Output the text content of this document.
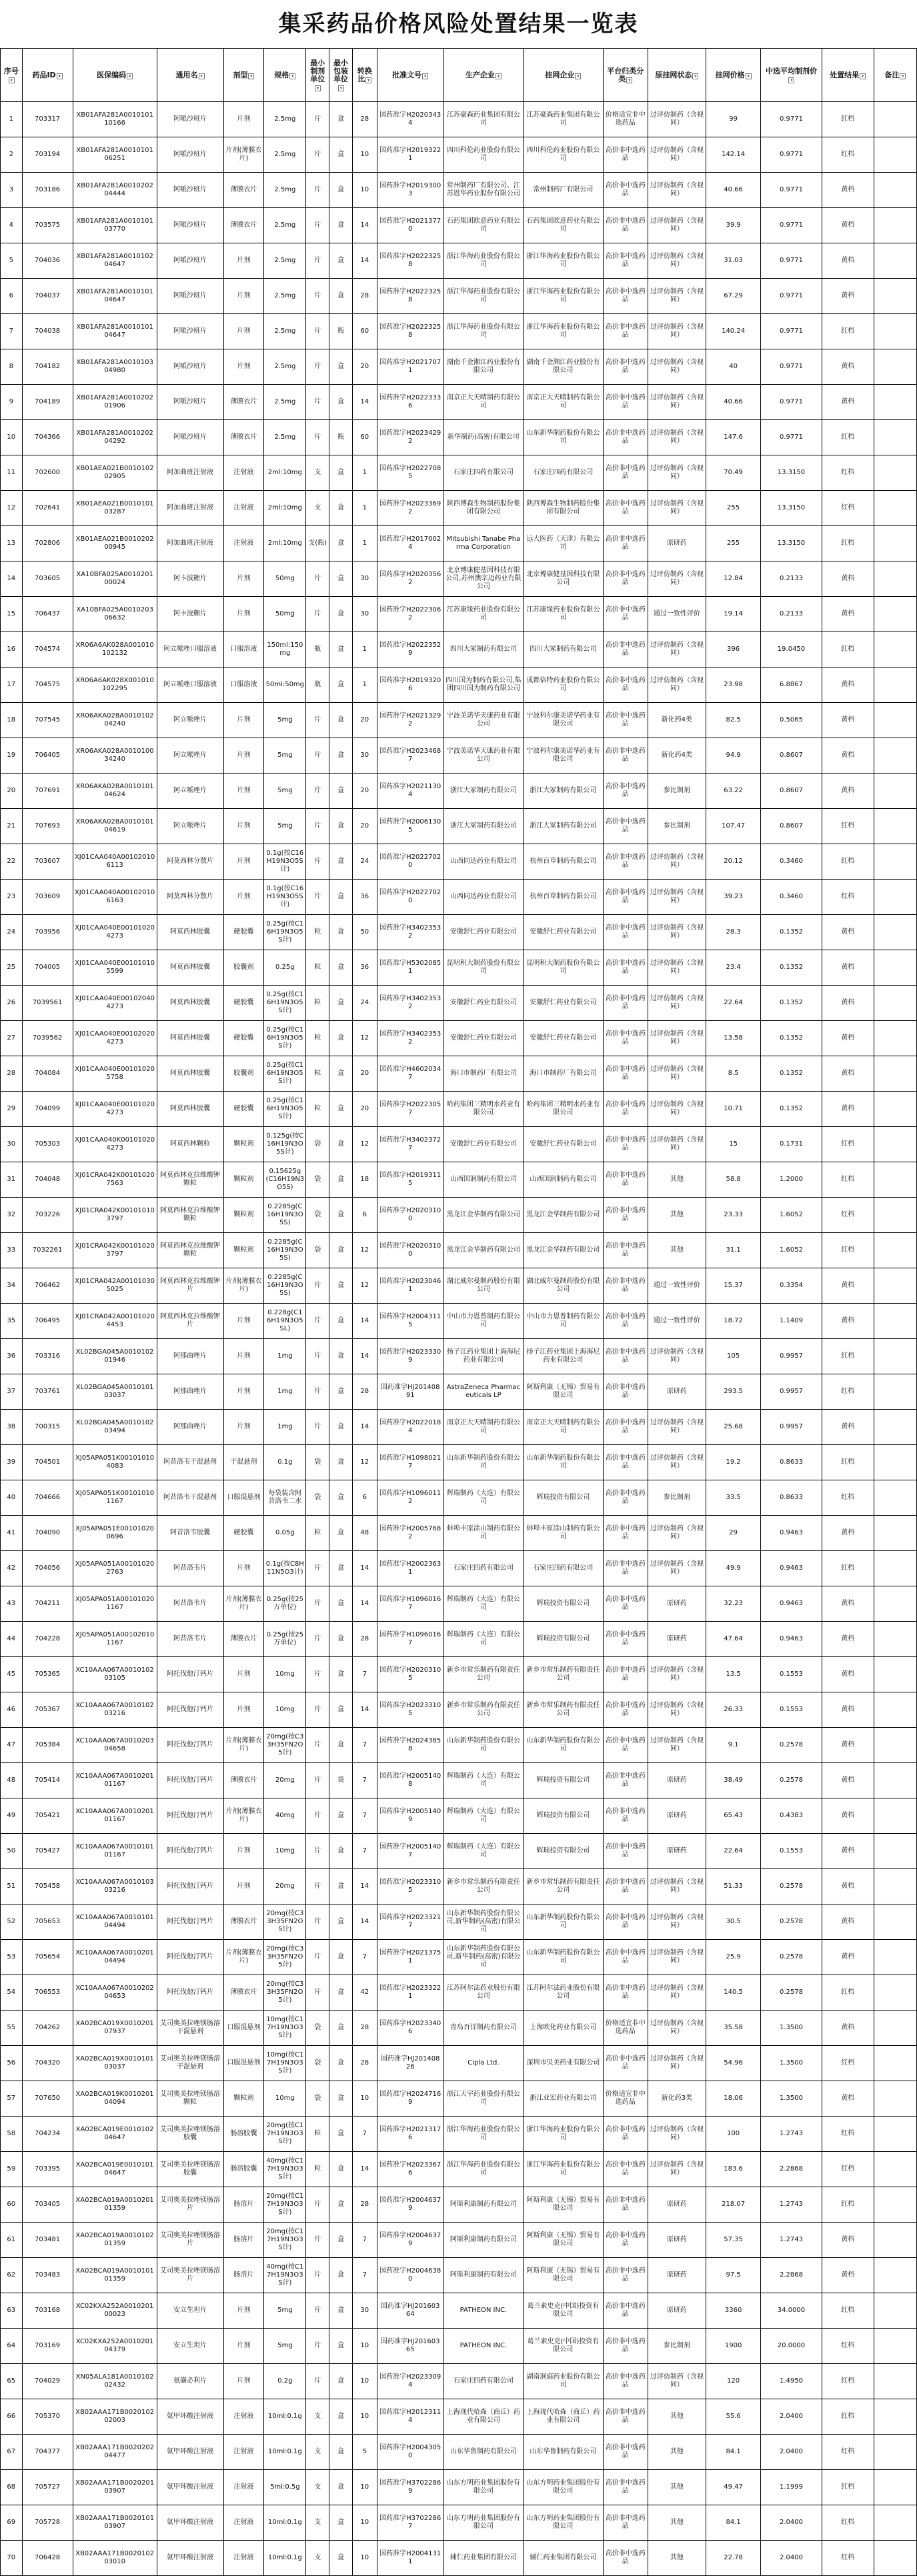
集采药品价格风险处置结果一览表
序号▾	药品ID ▾	医保编码 ▾	通用名 ▾	剂型 ▾	规格 ▾	最小制剂单位▾	最小包装单位▾	转换比 ▾	批准文号 ▾	生产企业 ▾	挂网企业 ▾	平台归类分类 ▾	原挂网状态 ▾	挂网价格 ▾	中选平均制剂价▾	处置结果 ▾	备注 ▾
1	703317	XB01AFA281A001010110166	阿哌沙班片	片剂	2.5mg	片	盒	28	国药准字H20203434	江苏豪森药业集团有限公司	江苏豪森药业集团有限公司	价格适宜非中选药品	过评仿制药（含视同）	99	0.9771	红档	
2	703194	XB01AFA281A001010106251	阿哌沙班片	片剂(薄膜衣片)	2.5mg	片	盒	10	国药准字H20193221	四川科伦药业股份有限公司	四川科伦药业股份有限公司	高价非中选药品	过评仿制药（含视同）	142.14	0.9771	红档	
3	703186	XB01AFA281A001020204444	阿哌沙班片	薄膜衣片	2.5mg	片	盒	10	国药准字H20193003	常州制药厂有限公司、江苏恩华药业股份有限公司	常州制药厂有限公司	高价非中选药品	过评仿制药（含视同）	40.66	0.9771	黄档	
4	703575	XB01AFA281A001010103770	阿哌沙班片	薄膜衣片	2.5mg	片	盒	14	国药准字H20213770	石药集团欧意药业有限公司	石药集团欧意药业有限公司	高价非中选药品	过评仿制药（含视同）	39.9	0.9771	黄档	
5	704036	XB01AFA281A001010204647	阿哌沙班片	片剂	2.5mg	片	盒	14	国药准字H20223258	浙江华海药业股份有限公司	浙江华海药业股份有限公司	高价非中选药品	过评仿制药（含视同）	31.03	0.9771	黄档	
6	704037	XB01AFA281A001010104647	阿哌沙班片	片剂	2.5mg	片	盒	28	国药准字H20223258	浙江华海药业股份有限公司	浙江华海药业股份有限公司	高价非中选药品	过评仿制药（含视同）	67.29	0.9771	黄档	
7	704038	XB01AFA281A001010104647	阿哌沙班片	片剂	2.5mg	片	瓶	60	国药准字H20223258	浙江华海药业股份有限公司	浙江华海药业股份有限公司	高价非中选药品	过评仿制药（含视同）	140.24	0.9771	红档	
8	704182	XB01AFA281A001010304980	阿哌沙班片	片剂	2.5mg	片	盒	20	国药准字H20217071	湖南千金湘江药业股份有限公司	湖南千金湘江药业股份有限公司	高价非中选药品	过评仿制药（含视同）	40	0.9771	黄档	
9	704189	XB01AFA281A001020201906	阿哌沙班片	薄膜衣片	2.5mg	片	盒	14	国药准字H20223336	南京正大天晴制药有限公司	南京正大天晴制药有限公司	高价非中选药品	过评仿制药（含视同）	40.66	0.9771	黄档	
10	704366	XB01AFA281A001020204292	阿哌沙班片	薄膜衣片	2.5mg	片	瓶	60	国药准字H20234292	新华制药(高密)有限公司	山东新华制药股份有限公司	高价非中选药品	过评仿制药（含视同）	147.6	0.9771	红档	
11	702600	XB01AEA021B001010202905	阿加曲班注射液	注射液	2ml:10mg	支	盒	1	国药准字H20227085	石家庄四药有限公司	石家庄四药有限公司	高价非中选药品	过评仿制药（含视同）	70.49	13.3150	红档	
12	702641	XB01AEA021B001010103287	阿加曲班注射液	注射液	2ml:10mg	支	盒	1	国药准字H20233692	陕西博森生物制药股份集团有限公司	陕西博森生物制药股份集团有限公司	高价非中选药品	过评仿制药（含视同）	255	13.3150	红档	
13	702806	XB01AEA021B001020200945	阿加曲班注射液	注射液	2ml:10mg	支(瓶)	盒	1	国药准字H20170024	Mitsubishi Tanabe Pharma Corporation	远大医药（天津）有限公司	高价非中选药品	原研药	255	13.3150	红档	
14	703605	XA10BFA025A001020100024	阿卡波糖片	片剂	50mg	片	盒	30	国药准字H20203562	北京博康健基因科技有限公司,苏州澳宗迈药业有限公司	北京博康健基因科技有限公司	高价非中选药品	过评仿制药（含视同）	12.84	0.2133	黄档	
15	706437	XA10BFA025A001020306632	阿卡波糖片	片剂	50mg	片	盒	30	国药准字H20223062	江苏康缘药业股份有限公司	江苏康缘药业股份有限公司	高价非中选药品	通过一致性评价	19.14	0.2133	黄档	
16	704574	XR06A6AK028A001010102132	阿立哌唑口服溶液	口服溶液	150ml:150mg	瓶	盒	1	国药准字H20223529	四川大冢制药有限公司	四川大冢制药有限公司	高价非中选药品	过评仿制药（含视同）	396	19.0450	红档	
17	704575	XR06A6AK028X001010102295	阿立哌唑口服溶液	口服溶液	50ml:50mg	瓶	盒	1	国药准字H20193206	四川国为制药有限公司,集团四川国为制药有限公司	成都倍特药业股份有限公司	高价非中选药品	过评仿制药（含视同）	23.98	6.8867	黄档	
18	707545	XR06AKA028A001010204240	阿立哌唑片	片剂	5mg	片	盒	20	国药准字H20213292	宁波美诺华天康药业有限公司	宁波科尔康美诺华药业有限公司	高价非中选药品	新化药4类	82.5	0.5065	黄档	
19	706405	XR06AKA028A001010034240	阿立哌唑片	片剂	5mg	片	盒	30	国药准字H20234687	宁波美诺华天康药业有限公司	宁波科尔康美诺华药业有限公司	高价非中选药品	新化药4类	94.9	0.8607	黄档	
20	707691	XR06AKA028A001010104624	阿立哌唑片	片剂	5mg	片	盒	20	国药准字H20211304	浙江大冢制药有限公司	浙江大冢制药有限公司	高价非中选药品	参比制剂	63.22	0.8607	黄档	
21	707693	XR06AKA028A001010104619	阿立哌唑片	片剂	5mg	片	盒	20	国药准字H20061305	浙江大冢制药有限公司	浙江大冢制药有限公司	高价非中选药品	参比制剂	107.47	0.8607	红档	
22	703607	XJ01CAA040A001020106113	阿莫西林分散片	片剂	0.1g(按C16H19N3O5S计)	片	盒	24	国药准字H20227020	山西同达药业有限公司	杭州百草制药有限公司	高价非中选药品	过评仿制药（含视同）	20.12	0.3460	红档	
23	703609	XJ01CAA040A001020106163	阿莫西林分散片	片剂	0.1g(按C16H19N3O5S计)	片	盒	36	国药准字H20227020	山西同达药业有限公司	杭州百草制药有限公司	高价非中选药品	过评仿制药（含视同）	39.23	0.3460	红档	
24	703956	XJ01CAA040E001010204273	阿莫西林胶囊	硬胶囊	0.25g(按C16H19N3O5S计)	粒	盒	50	国药准字H34023532	安徽舒仁药业有限公司	安徽舒仁药业有限公司	高价非中选药品	过评仿制药（含视同）	28.3	0.1352	黄档	
25	704005	XJ01CAA040E001010105599	阿莫西林胶囊	胶囊剂	0.25g	粒	盒	36	国药准字H53020851	昆明积大制药股份有限公司	昆明积大制药股份有限公司	高价非中选药品	过评仿制药（含视同）	23.4	0.1352	黄档	
26	7039561	XJ01CAA040E001020404273	阿莫西林胶囊	硬胶囊	0.25g(按C16H19N3O5S计)	粒	盒	24	国药准字H34023532	安徽舒仁药业有限公司	安徽舒仁药业有限公司	高价非中选药品	过评仿制药（含视同）	22.64	0.1352	黄档	
27	7039562	XJ01CAA040E001020204273	阿莫西林胶囊	硬胶囊	0.25g(按C16H19N3O5S计)	粒	盒	12	国药准字H34023532	安徽舒仁药业有限公司	安徽舒仁药业有限公司	高价非中选药品	过评仿制药（含视同）	13.58	0.1352	黄档	
28	704084	XJ01CAA040E001010205758	阿莫西林胶囊	胶囊剂	0.25g(按C16H19N3O5S计)	粒	盒	20	国药准字H46020347	海口市制药厂有限公司	海口市制药厂有限公司	高价非中选药品	过评仿制药（含视同）	8.5	0.1352	黄档	
29	704099	XJ01CAA040E001010204273	阿莫西林胶囊	硬胶囊	0.25g(按C16H19N3O5S计)	粒	盒	20	国药准字H20223057	哈药集团三精明水药业有限公司	哈药集团三精明水药业有限公司	高价非中选药品	过评仿制药（含视同）	10.71	0.1352	黄档	
30	705303	XJ01CAA040K001010204273	阿莫西林颗粒	颗粒剂	0.125g(按C16H19N3O5S计)	袋	盒	12	国药准字H34023727	安徽舒仁药业有限公司	安徽舒仁药业有限公司	高价非中选药品	过评仿制药（含视同）	15	0.1731	红档	
31	704048	XJ01CRA042K001010207563	阿莫西林克拉维酸钾颗粒	颗粒剂	0.15625g(C16H19N3O5S)	袋	盒	18	国药准字H20193115	山西国润制药有限公司	山西国润制药有限公司	高价非中选药品	其他	58.8	1.2000	红档	
32	703226	XJ01CRA042K001010103797	阿莫西林克拉维酸钾颗粒	颗粒剂	0.2285g(C16H19N3O5S)	袋	盒	6	国药准字H20203100	黑龙江金华制药有限公司	黑龙江金华制药有限公司	高价非中选药品	其他	23.33	1.6052	红档	
33	7032261	XJ01CRA042K001010203797	阿莫西林克拉维酸钾颗粒	颗粒剂	0.2285g(C16H19N3O5S)	袋	盒	12	国药准字H20203100	黑龙江金华制药有限公司	黑龙江金华制药有限公司	高价非中选药品	其他	31.1	1.6052	红档	
34	706462	XJ01CRA042A001010305025	阿莫西林克拉维酸钾片	片剂(薄膜衣片)	0.2285g(C16H19N3O5S)	片	盒	12	国药准字H20230461	湖北威尔曼制药股份有限公司	湖北威尔曼制药股份有限公司	高价非中选药品	通过一致性评价	15.37	0.3354	黄档	
35	706495	XJ01CRA042A001010204453	阿莫西林克拉维酸钾片	片剂	0.228g(C16H19N3O5SL)	片	盒	14	国药准字H20043115	中山市力恩普制药有限公司	中山市力恩普制药有限公司	高价非中选药品	通过一致性评价	18.72	1.1409	黄档	
36	703316	XL02BGA045A001010201946	阿那曲唑片	片剂	1mg	片	盒	14	国药准字H20233309	扬子江药业集团上海海尼药业有限公司	扬子江药业集团上海海尼药业有限公司	高价非中选药品	过评仿制药（含视同）	105	0.9957	红档	
37	703761	XL02BGA045A001010103037	阿那曲唑片	片剂	1mg	片	盒	28	国药准字HJ20140891	AstraZeneca Pharmaceuticals LP	阿斯利康（无锡）贸易有限公司	高价非中选药品	原研药	293.5	0.9957	红档	
38	700315	XL02BGA045A001010203494	阿那曲唑片	片剂	1mg	片	盒	14	国药准字H20220184	南京正大天晴制药有限公司	南京正大天晴制药有限公司	高价非中选药品	过评仿制药（含视同）	25.68	0.9957	黄档	
39	704501	XJ05APA051K001010104083	阿昔洛韦干混悬剂	干混悬剂	0.1g	袋	盒	12	国药准字H10980217	山东新华制药股份有限公司	山东新华制药股份有限公司	高价非中选药品	过评仿制药（含视同）	19.2	0.8633	红档	
40	704666	XJ05APA051K001010101167	阿昔洛韦干混悬剂	口服混悬剂	每袋装含阿昔洛韦二水	袋	盒	6	国药准字H10960112	辉瑞制药（大连）有限公司	辉瑞投资有限公司	高价非中选药品	参比制剂	33.5	0.8633	红档	
41	704090	XJ05APA051E001010200696	阿昔洛韦胶囊	硬胶囊	0.05g	粒	盒	48	国药准字H20057682	蚌埠丰原涂山制药有限公司	蚌埠丰原涂山制药有限公司	高价非中选药品	过评仿制药（含视同）	29	0.9463	黄档	
42	704056	XJ05APA051A001010202763	阿昔洛韦片	片剂	0.1g(按C8H11N5O3计)	片	盒	14	国药准字H20023631	石家庄四药有限公司	石家庄四药有限公司	高价非中选药品	过评仿制药（含视同）	49.9	0.9463	红档	
43	704211	XJ05APA051A001010201167	阿昔洛韦片	片剂(薄膜衣片)	0.25g(按25万单位)	片	盒	14	国药准字H10960167	辉瑞制药（大连）有限公司	辉瑞投资有限公司	高价非中选药品	原研药	32.23	0.9463	黄档	
44	704228	XJ05APA051A001020101167	阿昔洛韦片	薄膜衣片	0.25g(按25万单位)	片	盒	28	国药准字H10960167	辉瑞制药（大连）有限公司	辉瑞投资有限公司	高价非中选药品	原研药	47.64	0.9463	黄档	
45	705365	XC10AAA067A001010203105	阿托伐他汀钙片	片剂	10mg	片	盒	7	国药准字H20203105	新乡市常乐制药有限责任公司	新乡市常乐制药有限责任公司	高价非中选药品	过评仿制药（含视同）	13.5	0.1553	黄档	
46	705367	XC10AAA067A001010203216	阿托伐他汀钙片	片剂	10mg	片	盒	14	国药准字H20233105	新乡市常乐制药有限责任公司	新乡市常乐制药有限责任公司	高价非中选药品	过评仿制药（含视同）	26.33	0.1553	黄档	
47	705384	XC10AAA067A001020304658	阿托伐他汀钙片	片剂(薄膜衣片)	20mg(按C33H35FN2O5计)	片	盒	7	国药准字H20243858	山东新华制药股份有限公司	山东新华制药股份有限公司	高价非中选药品	过评仿制药（含视同）	9.1	0.2578	黄档	
48	705414	XC10AAA067A001020101167	阿托伐他汀钙片	薄膜衣片	20mg	片	袋	7	国药准字H20051408	辉瑞制药（大连）有限公司	辉瑞投资有限公司	高价非中选药品	原研药	38.49	0.2578	黄档	
49	705421	XC10AAA067A001020101167	阿托伐他汀钙片	片剂(薄膜衣片)	40mg	片	盒	7	国药准字H20051409	辉瑞制药（大连）有限公司	辉瑞投资有限公司	高价非中选药品	原研药	65.43	0.4383	黄档	
50	705427	XC10AAA067A001010101167	阿托伐他汀钙片	片剂	10mg	片	盒	7	国药准字H20051407	辉瑞制药（大连）有限公司	辉瑞投资有限公司	高价非中选药品	原研药	22.64	0.1553	黄档	
51	705458	XC10AAA067A001010303216	阿托伐他汀钙片	片剂	20mg	片	盒	14	国药准字H20233105	新乡市常乐制药有限责任公司	新乡市常乐制药有限责任公司	高价非中选药品	过评仿制药（含视同）	51.33	0.2578	黄档	
52	705653	XC10AAA067A001010104494	阿托伐他汀钙片	薄膜衣片	20mg(按C33H35FN2O5计)	片	盒	14	国药准字H20233217	山东新华制药股份有限公司,新华制药(高密)有限公司	山东新华制药股份有限公司	高价非中选药品	过评仿制药（含视同）	30.5	0.2578	黄档	
53	705654	XC10AAA067A001020104494	阿托伐他汀钙片	片剂(薄膜衣片)	20mg(按C33H35FN2O5计)	片	盒	7	国药准字H20213751	山东新华制药股份有限公司,新华制药(高密)有限公司	山东新华制药股份有限公司	高价非中选药品	过评仿制药（含视同）	25.9	0.2578	黄档	
54	706553	XC10AAA067A001020204653	阿托伐他汀钙片	薄膜衣片	20mg(按C33H35FN2O5计)	片	盒	42	国药准字H20233221	江苏阿尔法药业股份有限公司	江苏阿尔法药业股份有限公司	高价非中选药品	过评仿制药（含视同）	140.5	0.2578	红档	
55	704262	XA02BCA019X001020107937	艾司奥美拉唑镁肠溶干混悬剂	口服混悬剂	10mg(按C17H19N3O3S计)	袋	盒	28	国药准字H20233406	青岛百洋制药有限公司	上海欧化药业有限公司	价格适宜非中选药品	过评仿制药（含视同）	35.58	1.3500	黄档	
56	704320	XA02BCA019X001010103037	艾司奥美拉唑镁肠溶干混悬剂	口服混悬剂	10mg(按C17H19N3O3S计)	袋	盒	28	国药准字HJ20140826	Cipla Ltd.	深圳市贝美药业有限公司	高价非中选药品	过评仿制药（含视同）	54.96	1.3500	红档	
57	707650	XA02BCA019K001020104094	艾司奥美拉唑镁肠溶颗粒	颗粒剂	10mg	袋	盒	10	国药准字H20247169	浙江天宇药业股份有限公司	浙江亚宏药业有限公司	价格适宜非中选药品	新化药3类	18.06	1.3500	黄档	
58	704234	XA02BCA019E001010204647	艾司奥美拉唑镁肠溶胶囊	肠溶胶囊	20mg(按C17H19N3O3S计)	粒	盒	7	国药准字H20213176	浙江华海药业股份有限公司	浙江华海药业股份有限公司	高价非中选药品	过评仿制药（含视同）	100	1.2743	红档	
59	703395	XA02BCA019E001010104647	艾司奥美拉唑镁肠溶胶囊	肠溶胶囊	40mg(按C17H19N3O3S计)	粒	盒	14	国药准字H20233676	浙江华海药业股份有限公司	浙江华海药业股份有限公司	高价非中选药品	过评仿制药（含视同）	183.6	2.2868	红档	
60	703405	XA02BCA019A001020101359	艾司奥美拉唑镁肠溶片	肠溶片	20mg(按C17H19N3O3S计)	片	盒	28	国药准字H20046379	阿斯利康制药有限公司	阿斯利康（无锡）贸易有限公司	高价非中选药品	原研药	218.07	1.2743	红档	
61	703481	XA02BCA019A001010201359	艾司奥美拉唑镁肠溶片	肠溶片	20mg(按C17H19N3O3S计)	片	盒	7	国药准字H20046379	阿斯利康制药有限公司	阿斯利康（无锡）贸易有限公司	高价非中选药品	原研药	57.35	1.2743	黄档	
62	703483	XA02BCA019A001010101359	艾司奥美拉唑镁肠溶片	肠溶片	40mg(按C17H19N3O3S计)	片	盒	7	国药准字H20046380	阿斯利康制药有限公司	阿斯利康（无锡）贸易有限公司	高价非中选药品	原研药	97.5	2.2868	黄档	
63	703168	XC02KXA252A001020100023	安立生坦片	片剂	5mg	片	盒	30	国药准字HJ20160364	PATHEON INC.	葛兰素史克(中国)投资有限公司	高价非中选药品	原研药	3360	34.0000	红档	
64	703169	XC02KXA252A001020104379	安立生坦片	片剂	5mg	片	盒	10	国药准字HJ20160365	PATHEON INC.	葛兰素史克(中国)投资有限公司	高价非中选药品	参比制剂	1900	20.0000	红档	
65	704029	XN05ALA181A001010202432	氨磺必利片	片剂	0.2g	片	盒	10	国药准字H20233094	石家庄四药有限公司	湖南洞庭药业股份有限公司	高价非中选药品	过评仿制药（含视同）	120	1.4950	红档	
66	705370	XB02AAA171B002010202003	氨甲环酸注射液	注射液	10ml:0.1g	支	盒	10	国药准字H20123114	上海现代哈森（商丘）药业有限公司	上海现代哈森（商丘）药业有限公司	高价非中选药品	其他	55.6	2.0400	红档	
67	704377	XB02AAA171B002020204477	氨甲环酸注射液	注射液	10ml:0.1g	支	盒	5	国药准字H20043050	山东华鲁制药有限公司	山东华鲁制药有限公司	高价非中选药品	其他	84.1	2.0400	红档	
68	705727	XB02AAA171B002020103907	氨甲环酸注射液	注射液	5ml:0.5g	支	盒	10	国药准字H37022869	山东方明药业集团股份有限公司	山东方明药业集团股份有限公司	高价非中选药品	其他	49.47	1.1999	红档	
69	705728	XB02AAA171B002010103907	氨甲环酸注射液	注射液	10ml:0.1g	支	盒	10	国药准字H37022867	山东方明药业集团股份有限公司	山东方明药业集团股份有限公司	高价非中选药品	其他	84.1	2.0400	红档	
70	706428	XB02AAA171B002010203010	氨甲环酸注射液	注射液	10ml:0.1g	支	盒	10	国药准字H20041311	辅仁药业集团有限公司	辅仁药业集团有限公司	高价非中选药品	其他	22.78	2.0400	红档	
